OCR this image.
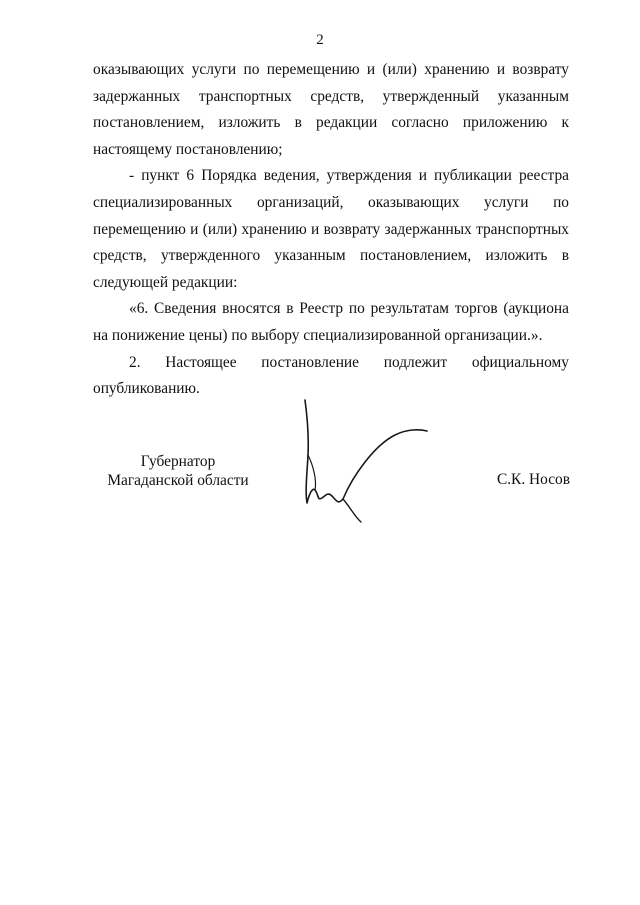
2

оказывающих услуги по перемещению и (или) хранению и возврату задержанных транспортных средств, утвержденный указанным постановлением, изложить в редакции согласно приложению к настоящему постановлению;

- пункт 6 Порядка ведения, утверждения и публикации реестра специализированных организаций, оказывающих услуги по перемещению и (или) хранению и возврату задержанных транспортных средств, утвержденного указанным постановлением, изложить в следующей редакции:

«6. Сведения вносятся в Реестр по результатам торгов (аукциона на понижение цены) по выбору специализированной организации.».

2. Настоящее постановление подлежит официальному опубликованию.

Губернатор
Магаданской области	С.К. Носов
